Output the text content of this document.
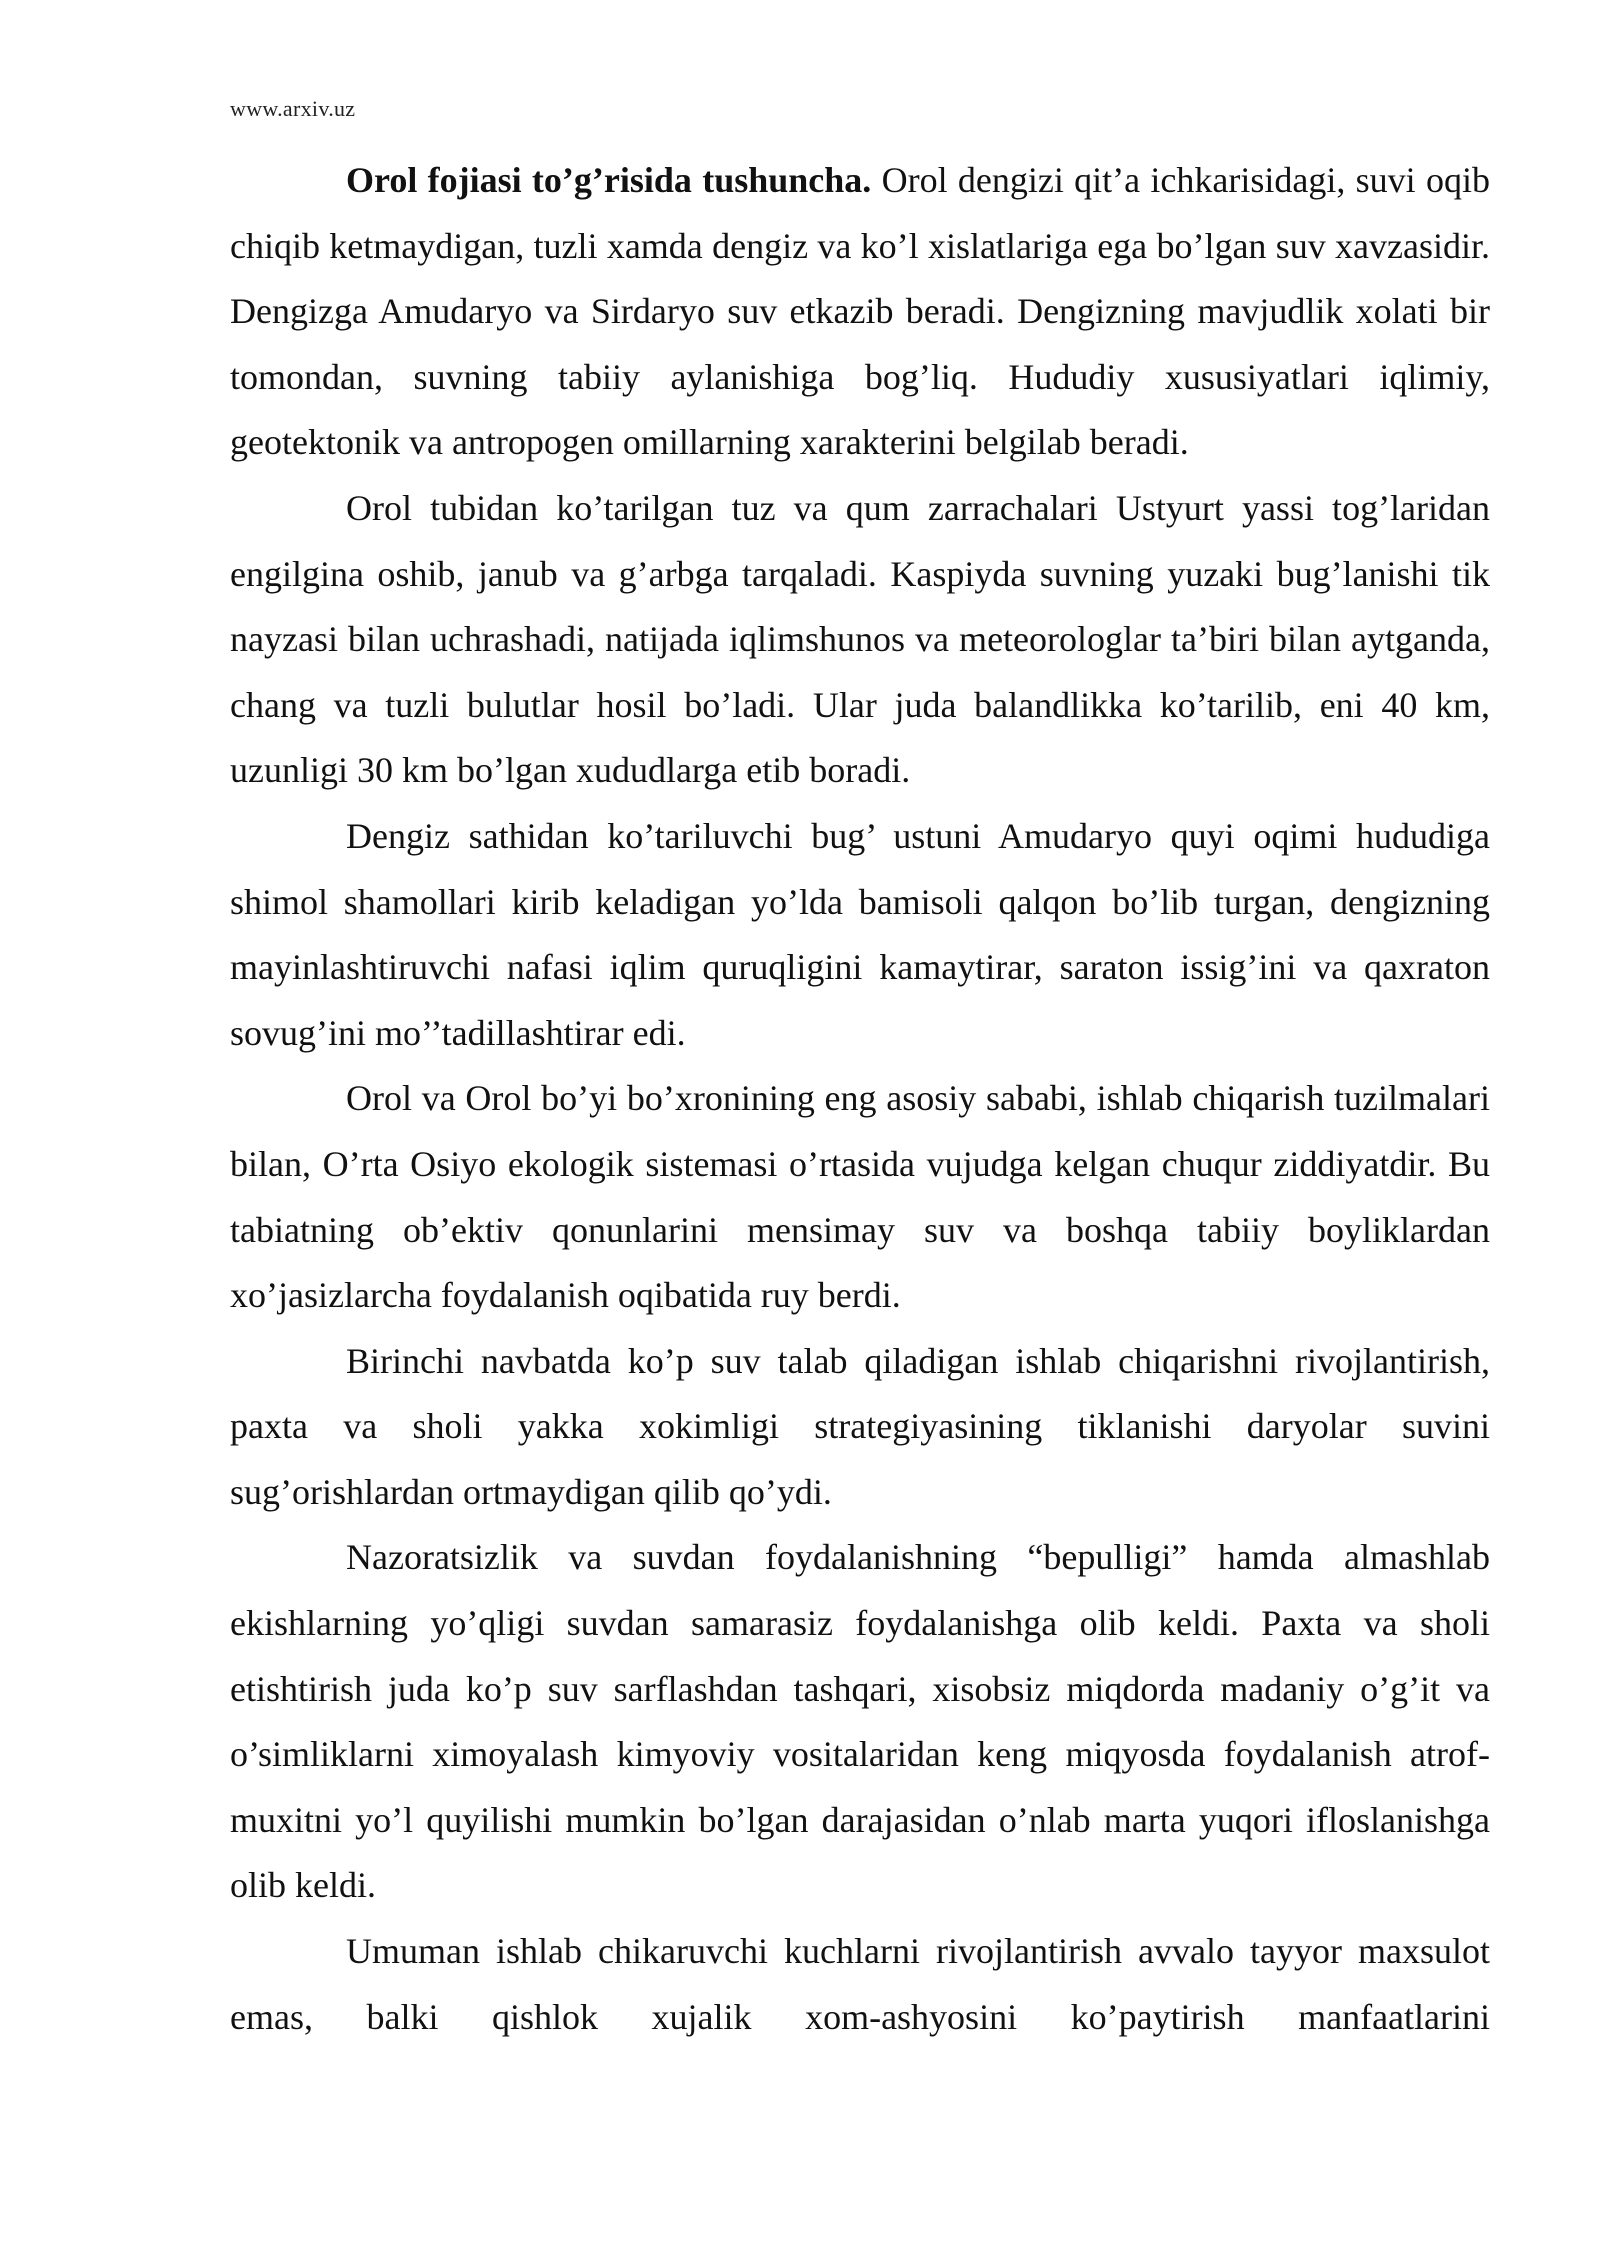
www.arxiv.uz

Orol fojiasi to’g’risida tushuncha. Orol dengizi qit’a ichkarisidagi, suvi oqib chiqib ketmaydigan, tuzli xamda dengiz va ko’l xislatlariga ega bo’lgan suv xavzasidir. Dengizga Amudaryo va Sirdaryo suv etkazib beradi. Dengizning mavjudlik xolati bir tomondan, suvning tabiiy aylanishiga bog’liq. Hududiy xususiyatlari iqlimiy, geotektonik va antropogen omillarning xarakterini belgilab beradi.

Orol tubidan ko’tarilgan tuz va qum zarrachalari Ustyurt yassi tog’laridan engilgina oshib, janub va g’arbga tarqaladi. Kaspiyda suvning yuzaki bug’lanishi tik nayzasi bilan uchrashadi, natijada iqlimshunos va meteorologlar ta’biri bilan aytganda, chang va tuzli bulutlar hosil bo’ladi. Ular juda balandlikka ko’tarilib, eni 40 km, uzunligi 30 km bo’lgan xududlarga etib boradi.

Dengiz sathidan ko’tariluvchi bug’ ustuni Amudaryo quyi oqimi hududiga shimol shamollari kirib keladigan yo’lda bamisoli qalqon bo’lib turgan, dengizning mayinlashtiruvchi nafasi iqlim quruqligini kamaytirar, saraton issig’ini va qaxraton sovug’ini mo’’tadillashtirar edi.

Orol va Orol bo’yi bo’xronining eng asosiy sababi, ishlab chiqarish tuzilmalari bilan, O’rta Osiyo ekologik sistemasi o’rtasida vujudga kelgan chuqur ziddiyatdir. Bu tabiatning ob’ektiv qonunlarini mensimay suv va boshqa tabiiy boyliklardan xo’jasizlarcha foydalanish oqibatida ruy berdi.

Birinchi navbatda ko’p suv talab qiladigan ishlab chiqarishni rivojlantirish, paxta va sholi yakka xokimligi strategiyasining tiklanishi daryolar suvini sug’orishlardan ortmaydigan qilib qo’ydi.

Nazoratsizlik va suvdan foydalanishning “bepulligi” hamda almashlab ekishlarning yo’qligi suvdan samarasiz foydalanishga olib keldi. Paxta va sholi etishtirish juda ko’p suv sarflashdan tashqari, xisobsiz miqdorda madaniy o’g’it va o’simliklarni ximoyalash kimyoviy vositalaridan keng miqyosda foydalanish atrof-muxitni yo’l quyilishi mumkin bo’lgan darajasidan o’nlab marta yuqori ifloslanishga olib keldi.

Umuman ishlab chikaruvchi kuchlarni rivojlantirish avvalo tayyor maxsulot emas, balki qishlok xujalik xom-ashyosini ko’paytirish manfaatlarini
